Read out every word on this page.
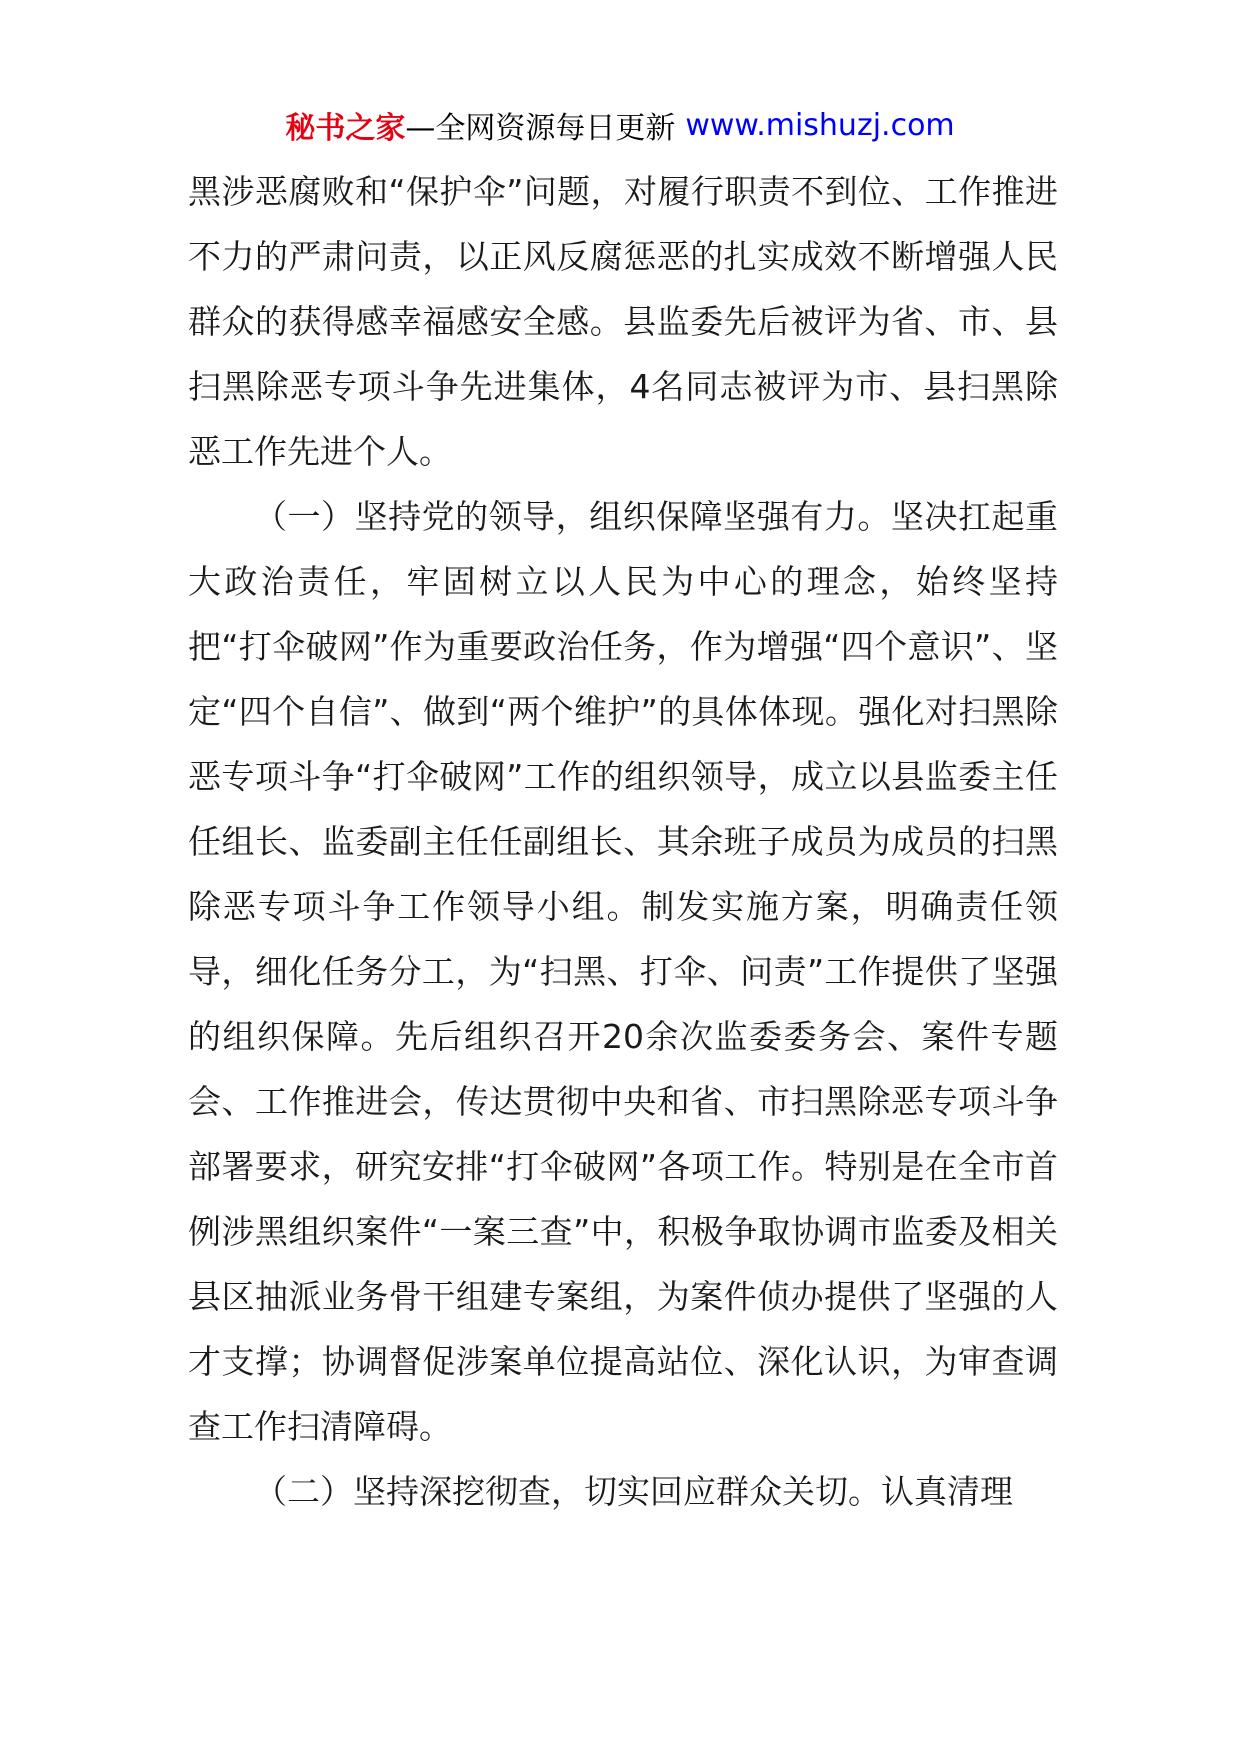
秘书之家 —全网资源每日更新 www.mishuzj.com

黑涉恶腐败和“保护伞”问题，对履行职责不到位、工作推进不力的严肃问责，以正风反腐惩恶的扎实成效不断增强人民群众的获得感幸福感安全感。县监委先后被评为省、市、县扫黑除恶专项斗争先进集体，4名同志被评为市、县扫黑除恶工作先进个人。

（一）坚持党的领导，组织保障坚强有力。坚决扛起重大政治责任，牢固树立以人民为中心的理念，始终坚持把“打伞破网”作为重要政治任务，作为增强“四个意识”、坚定“四个自信”、做到“两个维护”的具体体现。强化对扫黑除恶专项斗争“打伞破网”工作的组织领导，成立以县监委主任任组长、监委副主任任副组长、其余班子成员为成员的扫黑除恶专项斗争工作领导小组。制发实施方案，明确责任领导，细化任务分工，为“扫黑、打伞、问责”工作提供了坚强的组织保障。先后组织召开20余次监委委务会、案件专题会、工作推进会，传达贯彻中央和省、市扫黑除恶专项斗争部署要求，研究安排“打伞破网”各项工作。特别是在全市首例涉黑组织案件“一案三查”中，积极争取协调市监委及相关县区抽派业务骨干组建专案组，为案件侦办提供了坚强的人才支撑；协调督促涉案单位提高站位、深化认识，为审查调查工作扫清障碍。

（二）坚持深挖彻查，切实回应群众关切。认真清理
